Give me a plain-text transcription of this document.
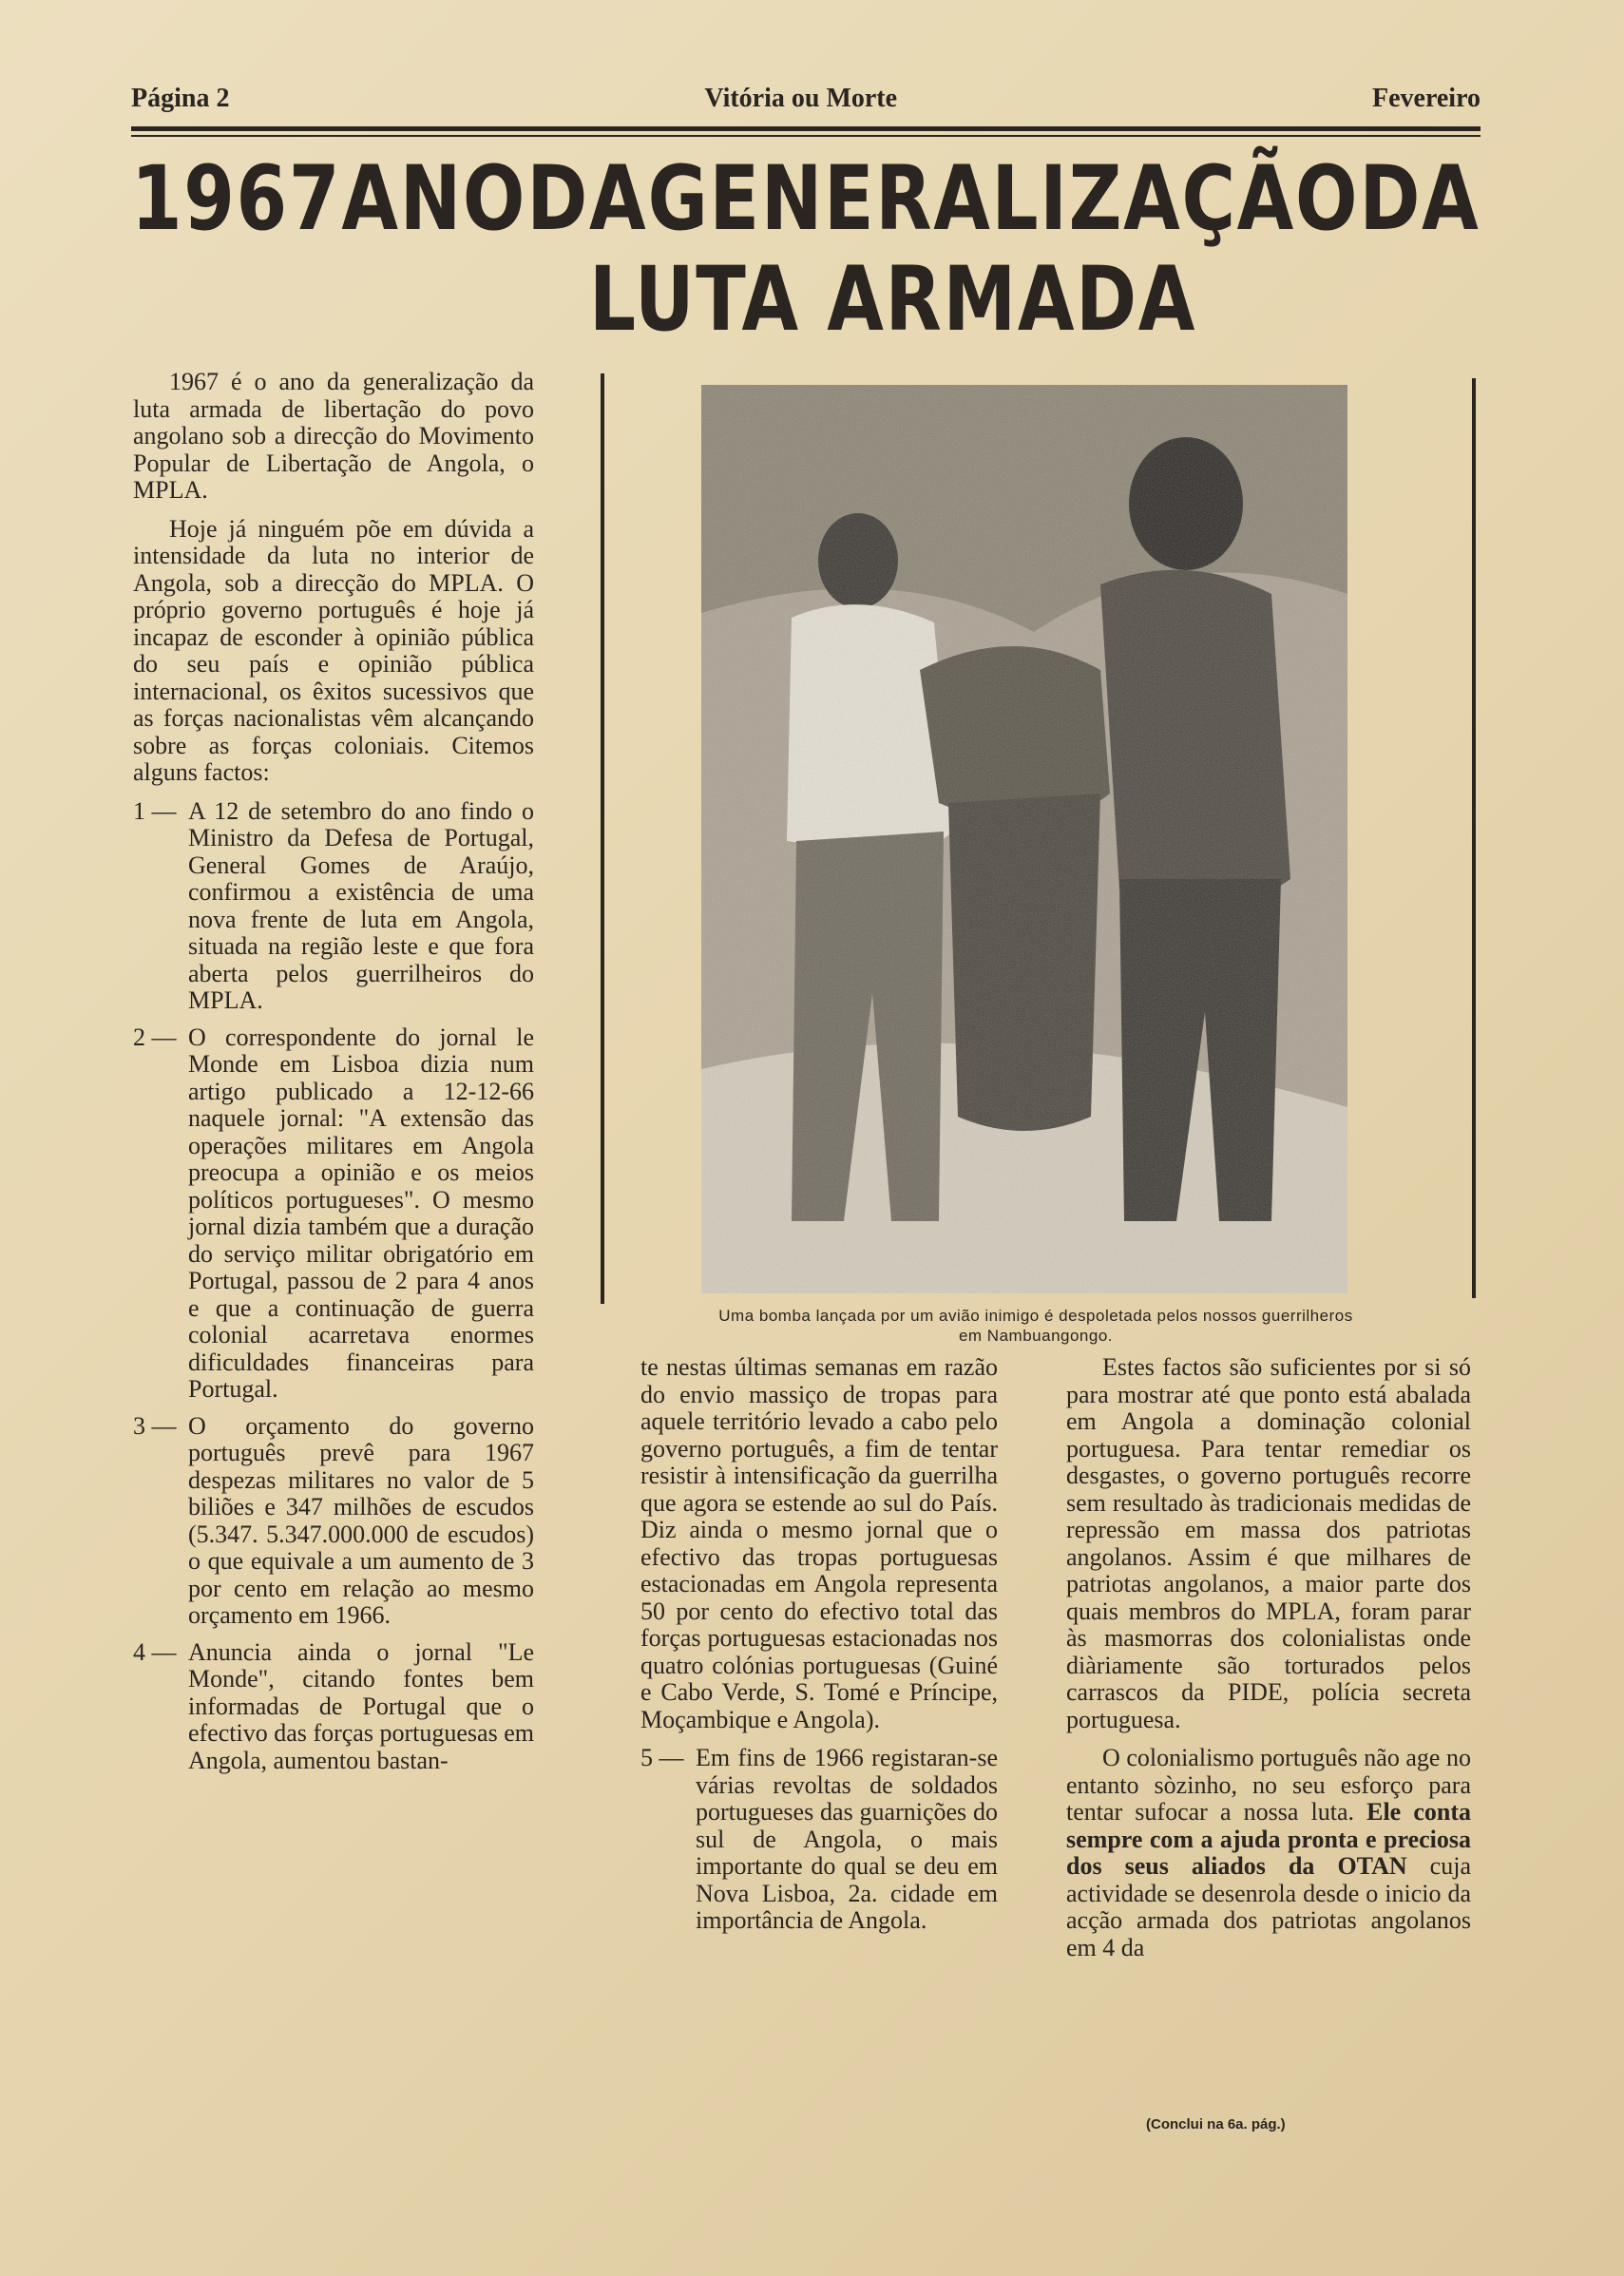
Página 2	Vitória ou Morte	Fevereiro
1967 ANO DA GENERALIZAÇÃO DA
LUTA ARMADA

1967 é o ano da generalização da luta armada de libertação do povo angolano sob a direcção do Movimento Popular de Libertação de Angola, o MPLA.

Hoje já ninguém põe em dúvida a intensidade da luta no interior de Angola, sob a direcção do MPLA. O próprio governo português é hoje já incapaz de esconder à opinião pública do seu país e opinião pública internacional, os êxitos sucessivos que as forças nacionalistas vêm alcançando sobre as forças coloniais. Citemos alguns factos:

1 — A 12 de setembro do ano findo o Ministro da Defesa de Portugal, General Gomes de Araújo, confirmou a existência de uma nova frente de luta em Angola, situada na região leste e que fora aberta pelos guerrilheiros do MPLA.
2 — O correspondente do jornal le Monde em Lisboa dizia num artigo publicado a 12-12-66 naquele jornal: "A extensão das operações militares em Angola preocupa a opinião e os meios políticos portugueses". O mesmo jornal dizia também que a duração do serviço militar obrigatório em Portugal, passou de 2 para 4 anos e que a continuação de guerra colonial acarretava enormes dificuldades financeiras para Portugal.
3 — O orçamento do governo português prevê para 1967 despezas militares no valor de 5 biliões e 347 milhões de escudos (5.347. 5.347.000.000 de escudos) o que equivale a um aumento de 3 por cento em relação ao mesmo orçamento em 1966.
4 — Anuncia ainda o jornal "Le Monde", citando fontes bem informadas de Portugal que o efectivo das forças portuguesas em Angola, aumentou bastan-
Uma bomba lançada por um avião inimigo é despoletada pelos nossos guerrilheros em Nambuangongo.

te nestas últimas semanas em razão do envio massiço de tropas para aquele território levado a cabo pelo governo português, a fim de tentar resistir à intensificação da guerrilha que agora se estende ao sul do País. Diz ainda o mesmo jornal que o efectivo das tropas portuguesas estacionadas em Angola representa 50 por cento do efectivo total das forças portuguesas estacionadas nos quatro colónias portuguesas (Guiné e Cabo Verde, S. Tomé e Príncipe, Moçambique e Angola).

5 — Em fins de 1966 registaran-se várias revoltas de soldados portugueses das guarnições do sul de Angola, o mais importante do qual se deu em Nova Lisboa, 2a. cidade em importância de Angola.

Estes factos são suficientes por si só para mostrar até que ponto está abalada em Angola a dominação colonial portuguesa. Para tentar remediar os desgastes, o governo português recorre sem resultado às tradicionais medidas de repressão em massa dos patriotas angolanos. Assim é que milhares de patriotas angolanos, a maior parte dos quais membros do MPLA, foram parar às masmorras dos colonialistas onde diàriamente são torturados pelos carrascos da PIDE, polícia secreta portuguesa.

O colonialismo português não age no entanto sòzinho, no seu esforço para tentar sufocar a nossa luta. Ele conta sempre com a ajuda pronta e preciosa dos seus aliados da OTAN cuja actividade se desenrola desde o inicio da acção armada dos patriotas angolanos em 4 da

(Conclui na 6a. pág.)
